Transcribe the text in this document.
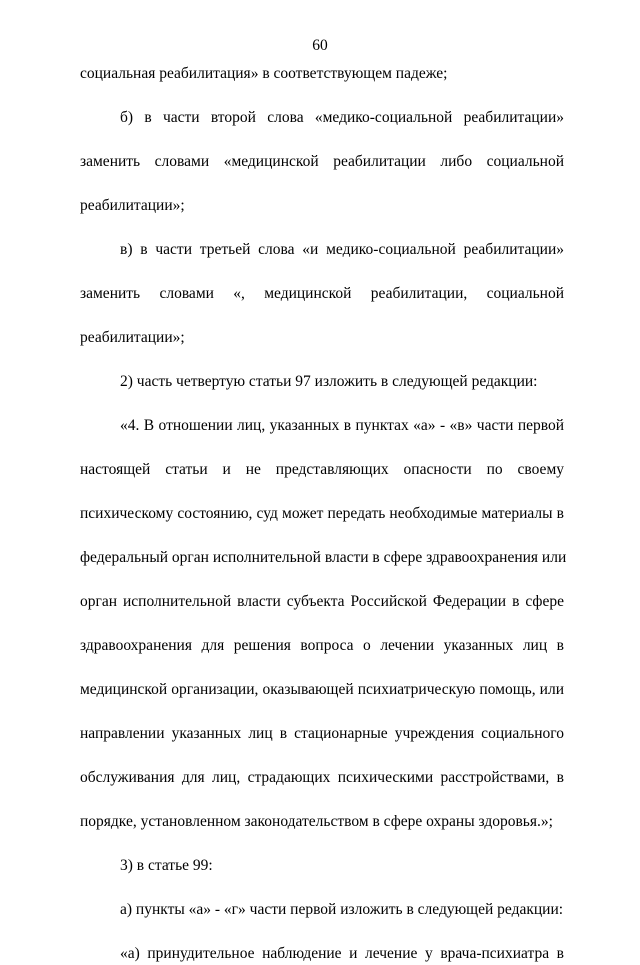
60
социальная реабилитация» в соответствующем падеже;
б) в части второй слова «медико-социальной реабилитации»
заменить словами «медицинской реабилитации либо социальной
реабилитации»;
в) в части третьей слова «и медико-социальной реабилитации»
заменить словами «, медицинской реабилитации, социальной
реабилитации»;
2) часть четвертую статьи 97 изложить в следующей редакции:
«4. В отношении лиц, указанных в пунктах «а» - «в» части первой
настоящей статьи и не представляющих опасности по своему
психическому состоянию, суд может передать необходимые материалы в
федеральный орган исполнительной власти в сфере здравоохранения или
орган исполнительной власти субъекта Российской Федерации в сфере
здравоохранения для решения вопроса о лечении указанных лиц в
медицинской организации, оказывающей психиатрическую помощь, или
направлении указанных лиц в стационарные учреждения социального
обслуживания для лиц, страдающих психическими расстройствами, в
порядке, установленном законодательством в сфере охраны здоровья.»;
3) в статье 99:
а) пункты «а» - «г» части первой изложить в следующей редакции:
«а) принудительное наблюдение и лечение у врача-психиатра в
